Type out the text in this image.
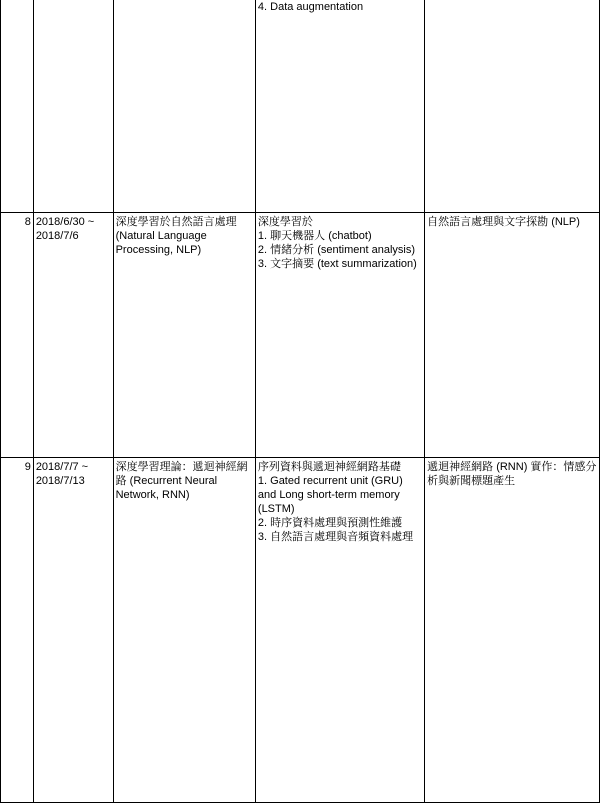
			4. Data augmentation	

8	2018/6/30 ~ 2018/7/6	深度學習於自然語言處理 (Natural Language Processing, NLP)	深度學習於
1. 聊天機器人 (chatbot)
2. 情緒分析 (sentiment analysis)
3. 文字摘要 (text summarization)	自然語言處理與文字探勘 (NLP)
9	2018/7/7 ~ 2018/7/13	深度學習理論：遞迴神經網路 (Recurrent Neural Network, RNN)	序列資料與遞迴神經網路基礎
1. Gated recurrent unit (GRU) and Long short-term memory (LSTM)
2. 時序資料處理與預測性維護
3. 自然語言處理與音頻資料處理	遞迴神經網路 (RNN) 實作：情感分析與新聞標題產生
